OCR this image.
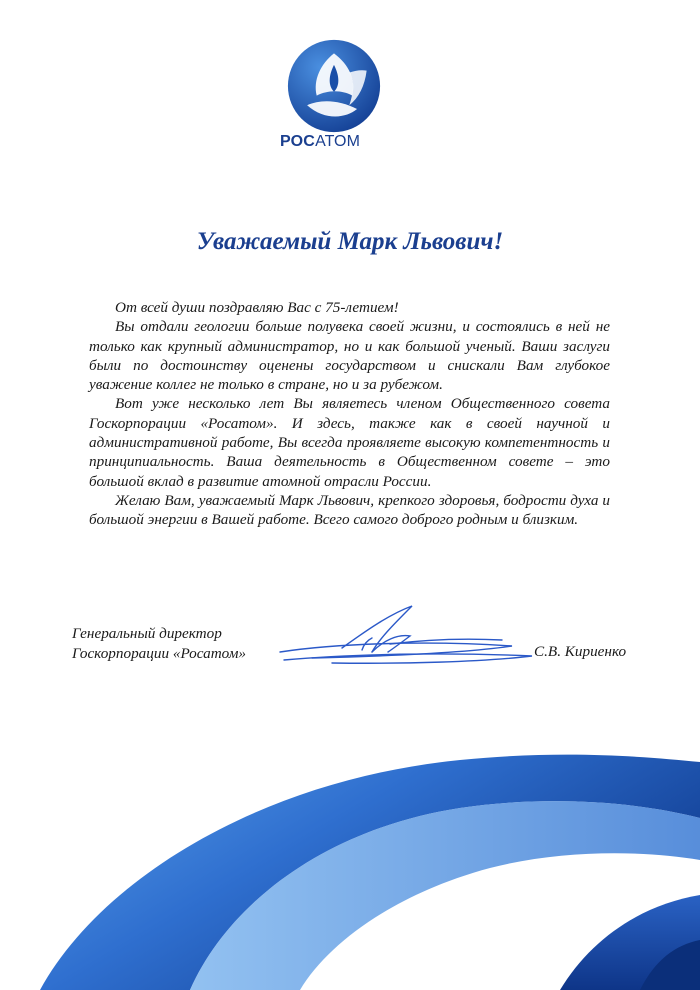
РОСАТОМ
Уважаемый Марк Львович!

От всей души поздравляю Вас с 75-летием!

Вы отдали геологии больше полувека своей жизни, и состоялись в ней не только как крупный администратор, но и как большой ученый. Ваши заслуги были по достоинству оценены государством и снискали Вам глубокое уважение коллег не только в стране, но и за рубежом.

Вот уже несколько лет Вы являетесь членом Общественного совета Госкорпорации «Росатом». И здесь, также как в своей научной и административной работе, Вы всегда проявляете высокую компетентность и принципиальность. Ваша деятельность в Общественном совете – это большой вклад в развитие атомной отрасли России.

Желаю Вам, уважаемый Марк Львович, крепкого здоровья, бодрости духа и большой энергии в Вашей работе. Всего самого доброго родным и близким.

Генеральный директор
Госкорпорации «Росатом»	С.В. Кириенко
